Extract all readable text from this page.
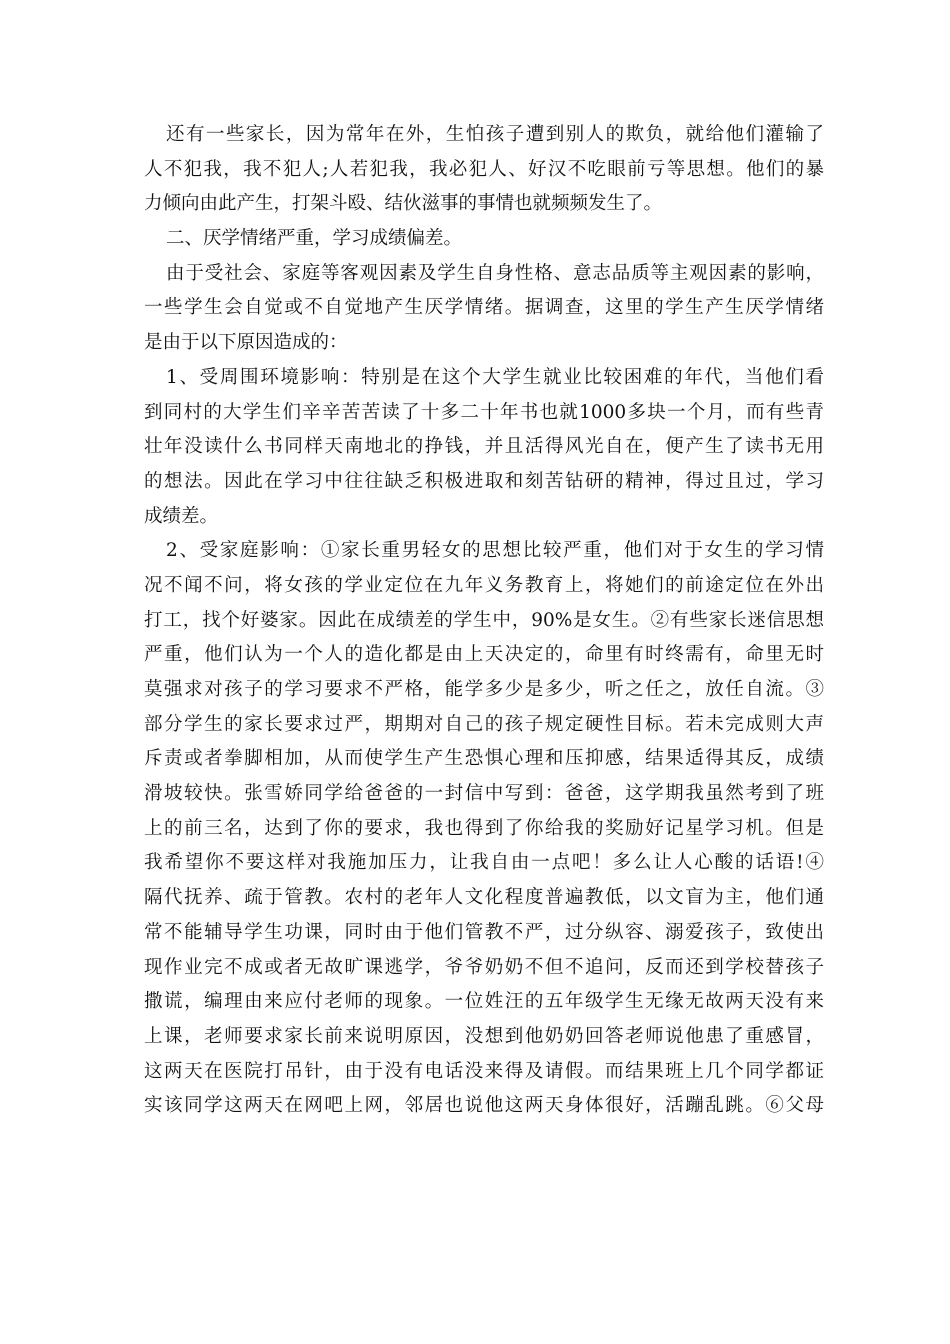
还有一些家长，因为常年在外，生怕孩子遭到别人的欺负，就给他们灌输了
人不犯我，我不犯人;人若犯我，我必犯人、好汉不吃眼前亏等思想。他们的暴
力倾向由此产生，打架斗殴、结伙滋事的事情也就频频发生了。
二、厌学情绪严重，学习成绩偏差。
由于受社会、家庭等客观因素及学生自身性格、意志品质等主观因素的影响，
一些学生会自觉或不自觉地产生厌学情绪。据调查，这里的学生产生厌学情绪
是由于以下原因造成的：
1、受周围环境影响：特别是在这个大学生就业比较困难的年代，当他们看
到同村的大学生们辛辛苦苦读了十多二十年书也就1000多块一个月，而有些青
壮年没读什么书同样天南地北的挣钱，并且活得风光自在，便产生了读书无用
的想法。因此在学习中往往缺乏积极进取和刻苦钻研的精神，得过且过，学习
成绩差。
2、受家庭影响：①家长重男轻女的思想比较严重，他们对于女生的学习情
况不闻不问，将女孩的学业定位在九年义务教育上，将她们的前途定位在外出
打工，找个好婆家。因此在成绩差的学生中，90%是女生。②有些家长迷信思想
严重，他们认为一个人的造化都是由上天决定的，命里有时终需有，命里无时
莫强求对孩子的学习要求不严格，能学多少是多少，听之任之，放任自流。③
部分学生的家长要求过严，期期对自己的孩子规定硬性目标。若未完成则大声
斥责或者拳脚相加，从而使学生产生恐惧心理和压抑感，结果适得其反，成绩
滑坡较快。张雪娇同学给爸爸的一封信中写到：爸爸，这学期我虽然考到了班
上的前三名，达到了你的要求，我也得到了你给我的奖励好记星学习机。但是
我希望你不要这样对我施加压力，让我自由一点吧！多么让人心酸的话语!④
隔代抚养、疏于管教。农村的老年人文化程度普遍教低，以文盲为主，他们通
常不能辅导学生功课，同时由于他们管教不严，过分纵容、溺爱孩子，致使出
现作业完不成或者无故旷课逃学，爷爷奶奶不但不追问，反而还到学校替孩子
撒谎，编理由来应付老师的现象。一位姓汪的五年级学生无缘无故两天没有来
上课，老师要求家长前来说明原因，没想到他奶奶回答老师说他患了重感冒，
这两天在医院打吊针，由于没有电话没来得及请假。而结果班上几个同学都证
实该同学这两天在网吧上网，邻居也说他这两天身体很好，活蹦乱跳。⑥父母
